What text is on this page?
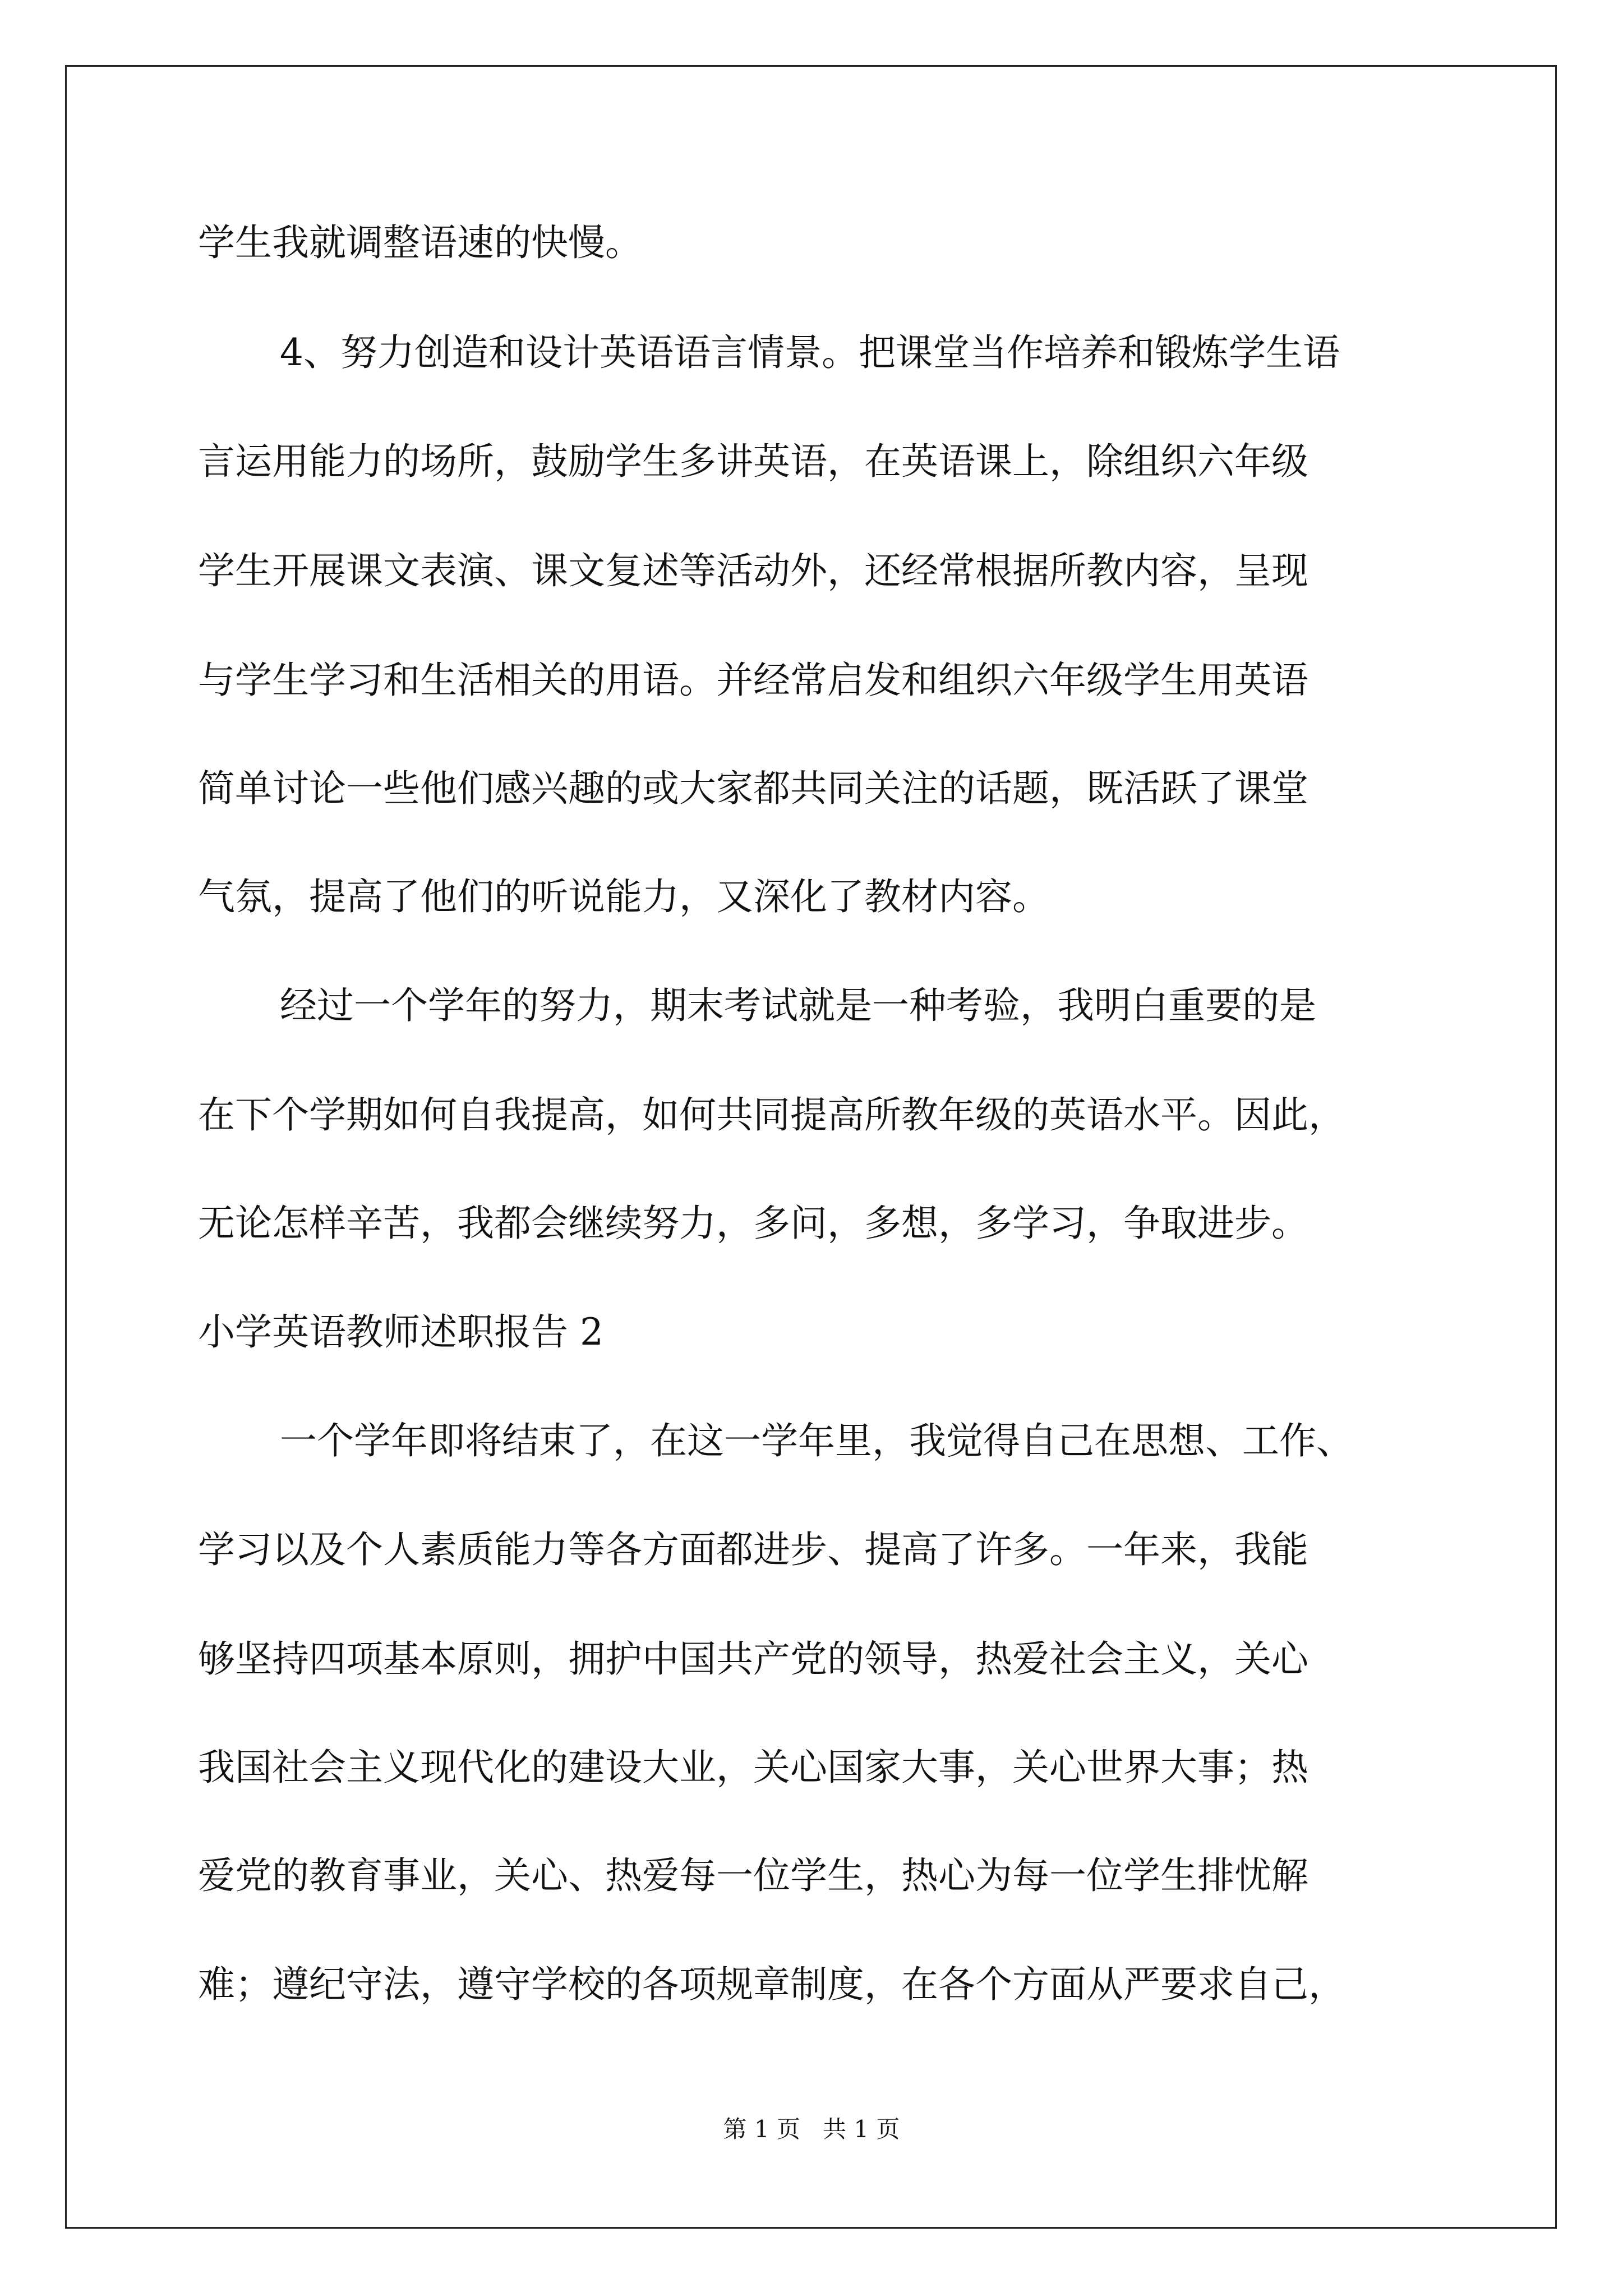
学生我就调整语速的快慢。

4、努力创造和设计英语语言情景。把课堂当作培养和锻炼学生语

言运用能力的场所，鼓励学生多讲英语，在英语课上，除组织六年级

学生开展课文表演、课文复述等活动外，还经常根据所教内容，呈现

与学生学习和生活相关的用语。并经常启发和组织六年级学生用英语

简单讨论一些他们感兴趣的或大家都共同关注的话题，既活跃了课堂

气氛，提高了他们的听说能力，又深化了教材内容。

经过一个学年的努力，期末考试就是一种考验，我明白重要的是

在下个学期如何自我提高，如何共同提高所教年级的英语水平。因此，

无论怎样辛苦，我都会继续努力，多问，多想，多学习，争取进步。

小学英语教师述职报告 2

一个学年即将结束了，在这一学年里，我觉得自己在思想、工作、

学习以及个人素质能力等各方面都进步、提高了许多。一年来，我能

够坚持四项基本原则，拥护中国共产党的领导，热爱社会主义，关心

我国社会主义现代化的建设大业，关心国家大事，关心世界大事；热

爱党的教育事业，关心、热爱每一位学生，热心为每一位学生排忧解

难；遵纪守法，遵守学校的各项规章制度，在各个方面从严要求自己，

第 1 页   共 1 页
